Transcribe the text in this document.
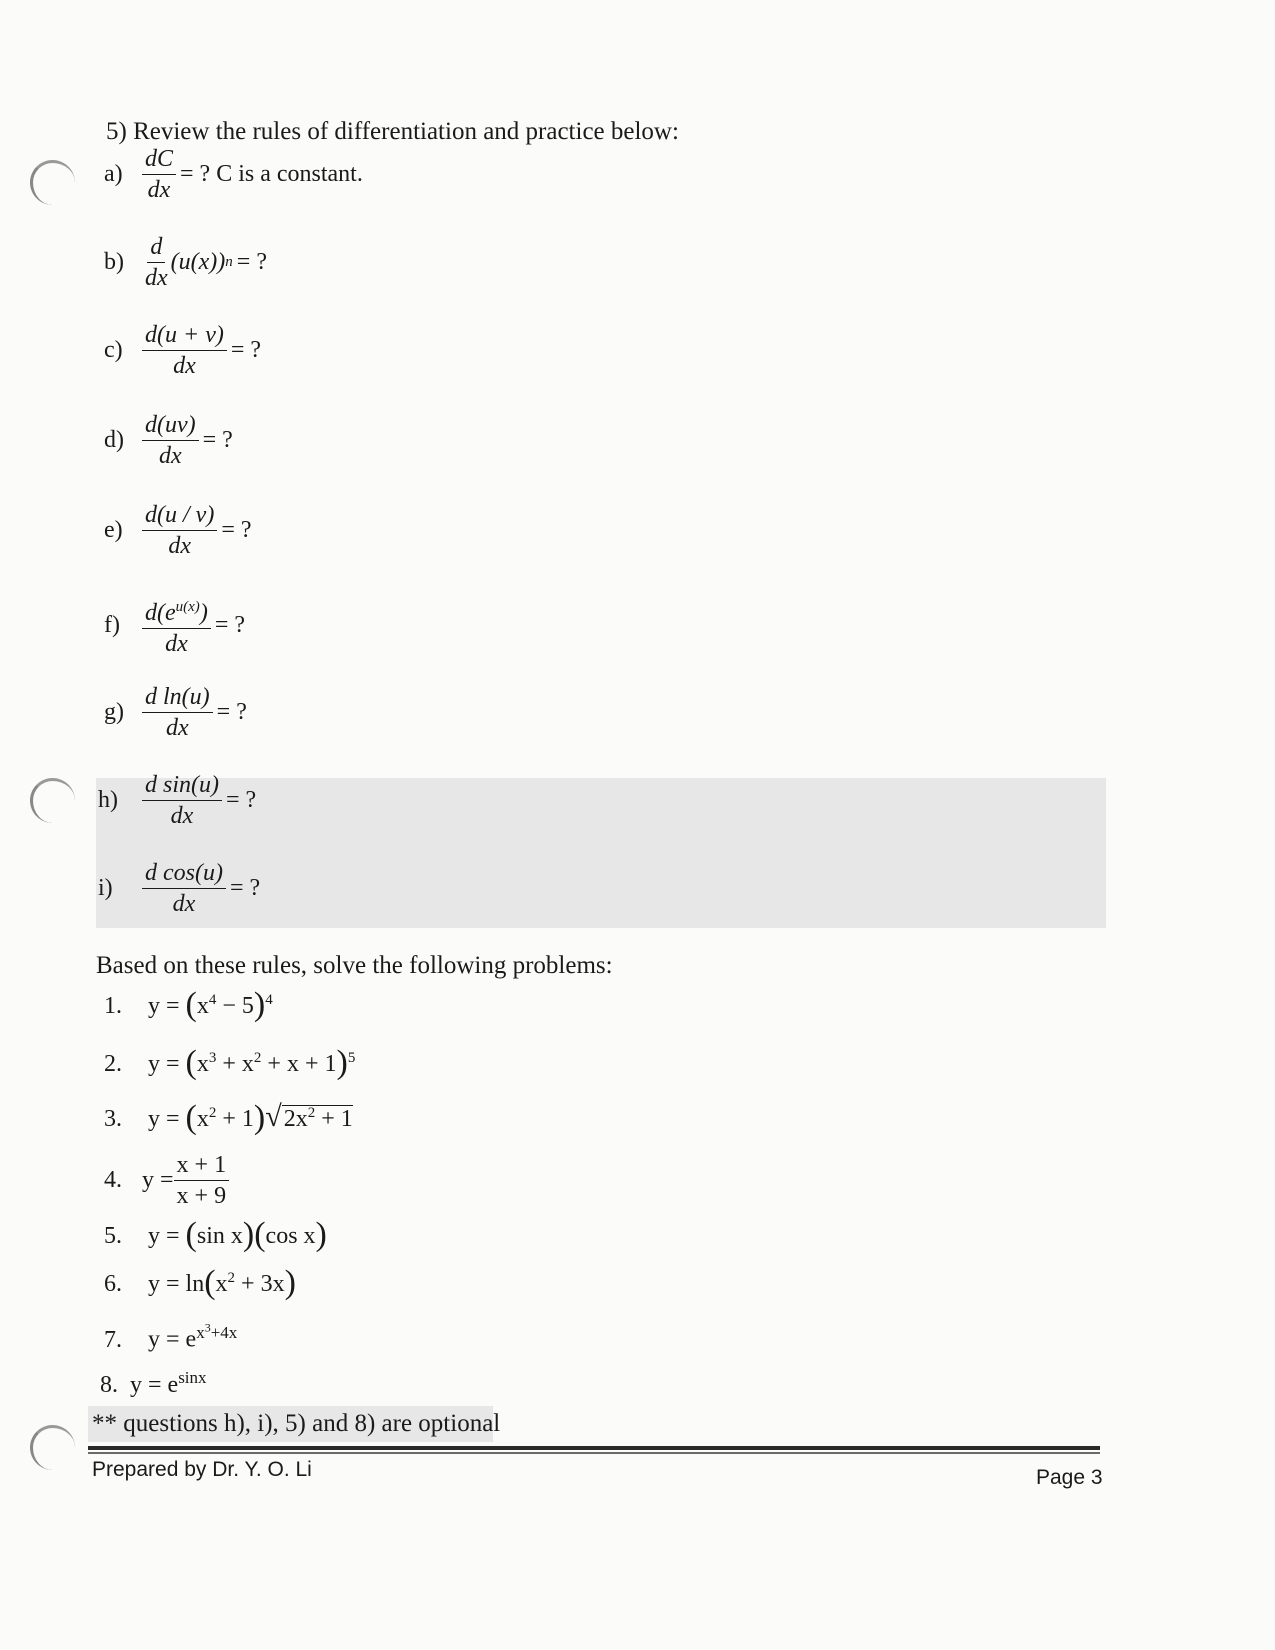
5) Review the rules of differentiation and practice below:
$a) \frac{dC}{dx}$ = ? C is a constant.
$b) \frac{d}{dx} (u(x)) n$ = ?
$c) \frac{d(u + v)}{dx}$ = ?
$d) \frac{d(uv)}{dx}$ = ?
$e) \frac{d(u / v)}{dx}$ = ?
$f) \frac{d(e^{u(x)})}{dx}$ = ?
$g) \frac{\text{d ln(u)}}{dx}$ = ?
h)	$\frac{\text{d sin(u)}}{dx}$ = ?
i)	$\frac{\text{d cos(u)}}{dx}$ = ?
Based on these rules, solve the following problems:
1. $y = (x^4 - 5)^4$
2. $y = (x^3 + x^2 + x + 1)^5$
3. $y = (x^2 + 1)√2x^2 + 1$
4. $y = \frac{x + 1}{x + 9}$
5. y = (sin x)(cos x)
6. $y = \ln(x^2 + 3x)$
7. $y = e^{x^3+4x}$
8. $y = e^{sinx}$
** questions h), i), 5) and 8) are optional
Prepared by Dr. Y. O. Li	Page 3
